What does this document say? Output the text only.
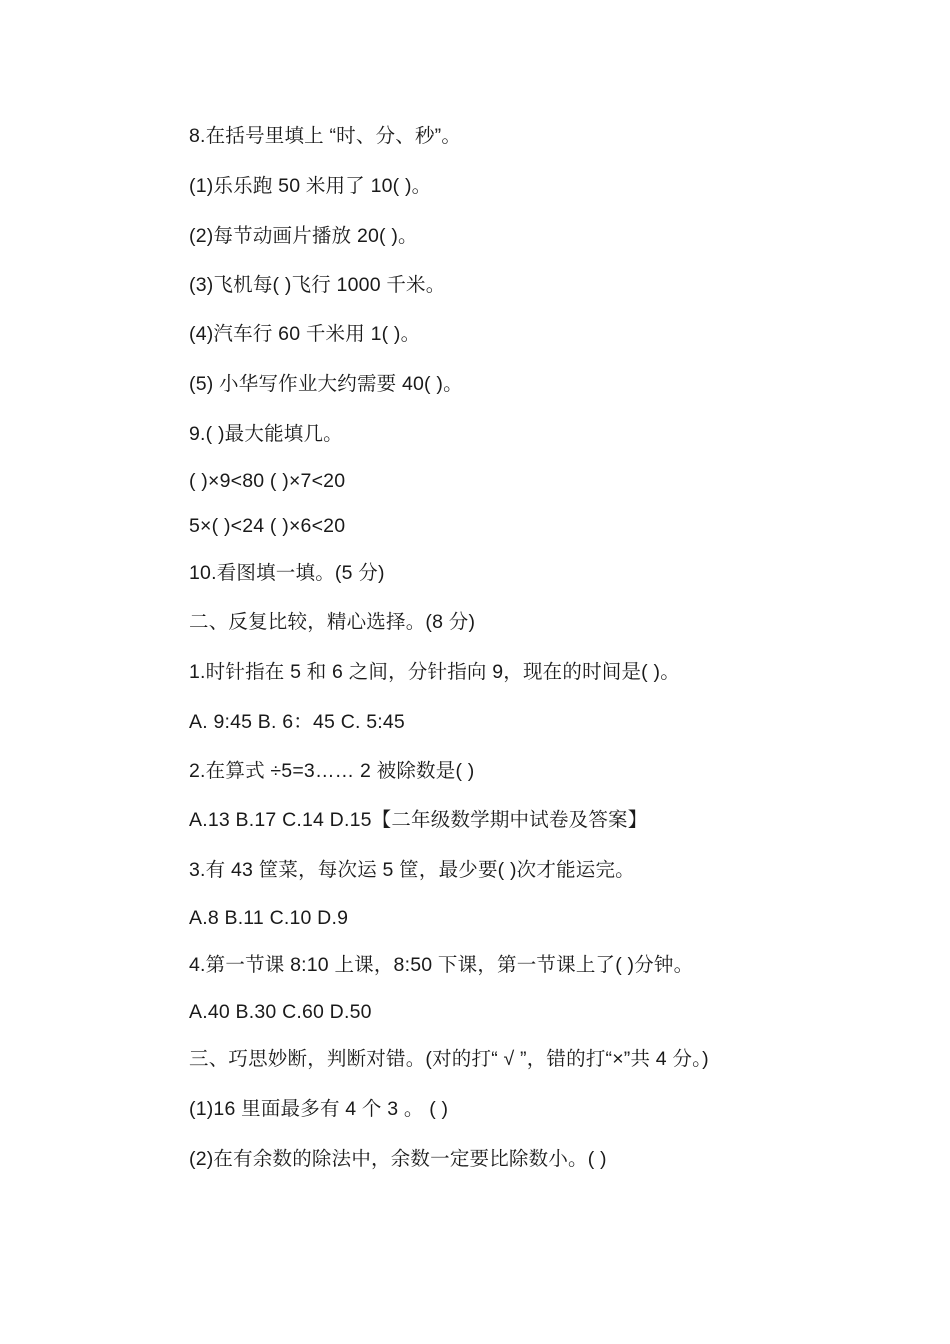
8.在括号里填上 “时、分、秒”。
(1)乐乐跑 50 米用了 10( )。
(2)每节动画片播放 20( )。
(3)飞机每( )飞行 1000 千米。
(4)汽车行 60 千米用 1( )。
(5) 小华写作业大约需要 40( )。
9.( )最大能填几。
( )×9<80 ( )×7<20
5×( )<24 ( )×6<20
10.看图填一填。(5 分)
二、反复比较，精心选择。(8 分)
1.时针指在 5 和 6 之间，分针指向 9，现在的时间是( )。
A. 9:45 B. 6：45 C. 5:45
2.在算式 ÷5=3…… 2 被除数是( )
A.13 B.17 C.14 D.15【二年级数学期中试卷及答案】
3.有 43 筐菜，每次运 5 筐，最少要( )次才能运完。
A.8 B.11 C.10 D.9
4.第一节课 8:10 上课，8:50 下课，第一节课上了( )分钟。
A.40 B.30 C.60 D.50
三、巧思妙断，判断对错。(对的打“ √ ”，错的打“×”共 4 分。)
(1)16 里面最多有 4 个 3 。 ( )
(2)在有余数的除法中，余数一定要比除数小。( )
